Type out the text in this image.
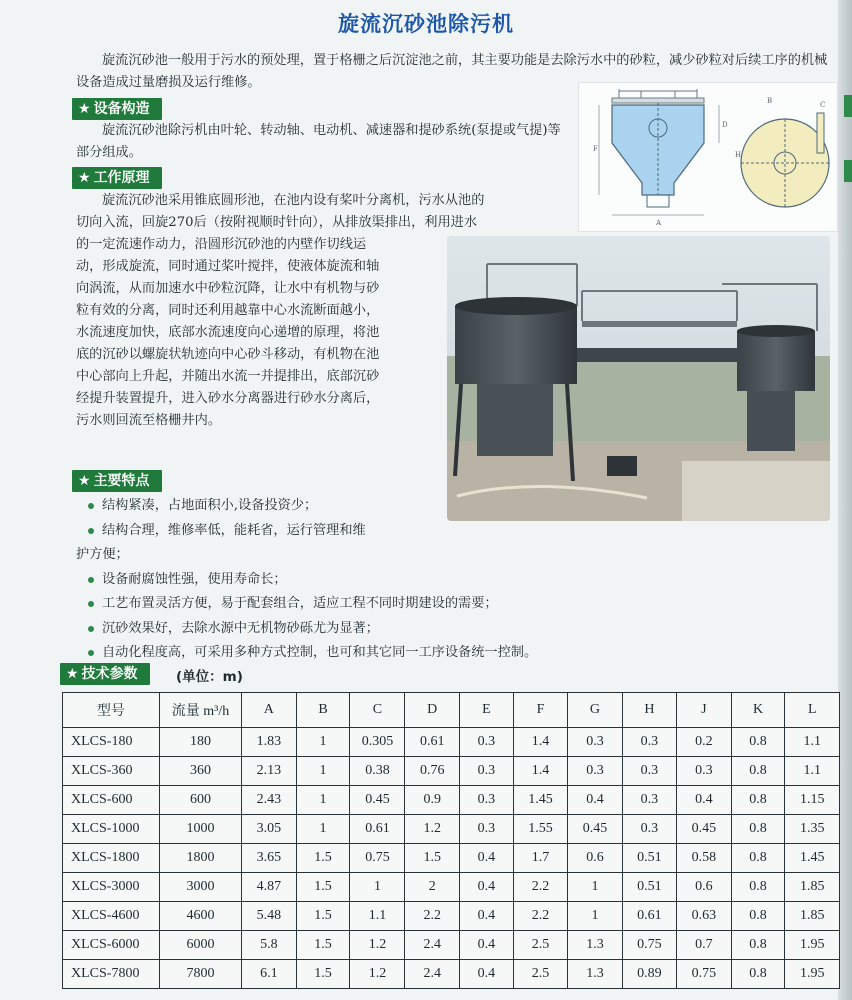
旋流沉砂池除污机

旋流沉砂池一般用于污水的预处理，置于格栅之后沉淀池之前，其主要功能是去除污水中的砂粒，减少砂粒对后续工序的机械设备造成过量磨损及运行维修。

★ 设备构造

旋流沉砂池除污机由叶轮、转动轴、电动机、减速器和提砂系统(泵提或气提)等部分组成。

★ 工作原理
旋流沉砂池采用锥底圆形池，在池内设有桨叶分离机，污水从池的
切向入流，回旋270后（按附视顺时针向），从排放渠排出，利用进水
的一定流速作动力，沿圆形沉砂池的内壁作切线运
动，形成旋流，同时通过桨叶搅拌，使液体旋流和轴
向涡流，从而加速水中砂粒沉降，让水中有机物与砂
粒有效的分离，同时还利用越靠中心水流断面越小，
水流速度加快，底部水流速度向心递增的原理，将池
底的沉砂以螺旋状轨迹向中心砂斗移动，有机物在池
中心部向上升起，并随出水流一并提排出，底部沉砂
经提升装置提升，进入砂水分离器进行砂水分离后，
污水则回流至格栅井内。
F
D
A
B	C
H
★ 主要特点
结构紧凑，占地面积小,设备投资少；
结构合理，维修率低，能耗省，运行管理和维
护方便；
设备耐腐蚀性强，使用寿命长；
工艺布置灵活方便，易于配套组合，适应工程不同时期建设的需要；
沉砂效果好，去除水源中无机物砂砾尤为显著；
自动化程度高，可采用多种方式控制，也可和其它同一工序设备统一控制。
★ 技术参数	(单位：m)
型号	流量 m³/h	A	B	C	D	E	F	G	H	J	K	L
XLCS-180	180	1.83	1	0.305	0.61	0.3	1.4	0.3	0.3	0.2	0.8	1.1
XLCS-360	360	2.13	1	0.38	0.76	0.3	1.4	0.3	0.3	0.3	0.8	1.1
XLCS-600	600	2.43	1	0.45	0.9	0.3	1.45	0.4	0.3	0.4	0.8	1.15
XLCS-1000	1000	3.05	1	0.61	1.2	0.3	1.55	0.45	0.3	0.45	0.8	1.35
XLCS-1800	1800	3.65	1.5	0.75	1.5	0.4	1.7	0.6	0.51	0.58	0.8	1.45
XLCS-3000	3000	4.87	1.5	1	2	0.4	2.2	1	0.51	0.6	0.8	1.85
XLCS-4600	4600	5.48	1.5	1.1	2.2	0.4	2.2	1	0.61	0.63	0.8	1.85
XLCS-6000	6000	5.8	1.5	1.2	2.4	0.4	2.5	1.3	0.75	0.7	0.8	1.95
XLCS-7800	7800	6.1	1.5	1.2	2.4	0.4	2.5	1.3	0.89	0.75	0.8	1.95
